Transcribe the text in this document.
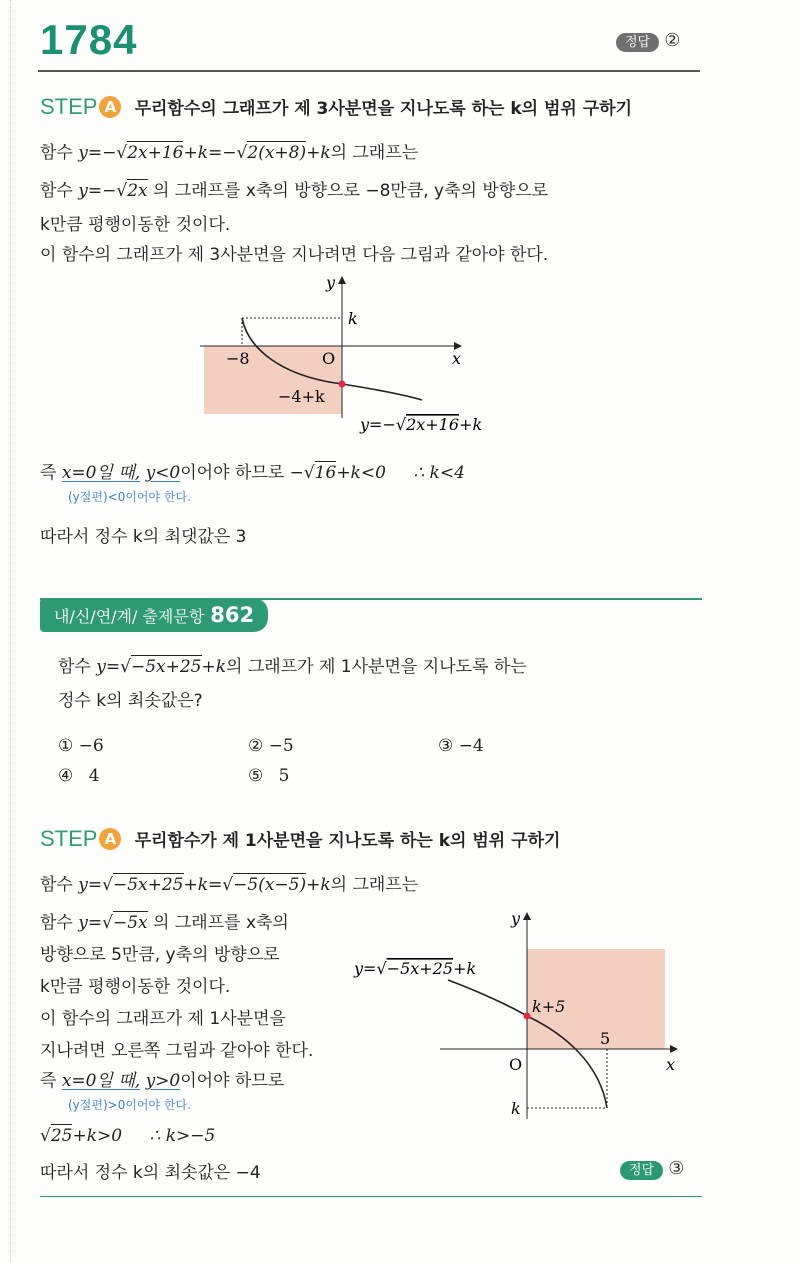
1784	정답 ②
STEP A 무리함수의 그래프가 제 3사분면을 지나도록 하는 k의 범위 구하기
함수 y=−√2x+16+k=−√2(x+8)+k의 그래프는
함수 y=−√2x 의 그래프를 x축의 방향으로 −8만큼, y축의 방향으로
k만큼 평행이동한 것이다.
이 함수의 그래프가 제 3사분면을 지나려면 다음 그림과 같아야 한다.
y
x
k
−8	O
−4+k
y=−√2x+16+k
즉 x=0일 때, y<0이어야 하므로 −√16+k<0 ∴ k<4
(y절편)<0이어야 한다.
따라서 정수 k의 최댓값은 3
내/신/연/계/ 출제문항 862
함수 y=√−5x+25+k의 그래프가 제 1사분면을 지나도록 하는
정수 k의 최솟값은?
① −6	② −5	③ −4
④ 4	⑤ 5
STEP A 무리함수가 제 1사분면을 지나도록 하는 k의 범위 구하기
함수 y=√−5x+25+k=√−5(x−5)+k의 그래프는
함수 y=√−5x 의 그래프를 x축의
방향으로 5만큼, y축의 방향으로
k만큼 평행이동한 것이다.
이 함수의 그래프가 제 1사분면을
지나려면 오른쪽 그림과 같아야 한다.
즉 x=0일 때, y>0이어야 하므로
(y절편)>0이어야 한다.
√25+k>0 ∴ k>−5
따라서 정수 k의 최솟값은 −4	정답 ③
y
x
O
5
k
k+5
y=√−5x+25+k
